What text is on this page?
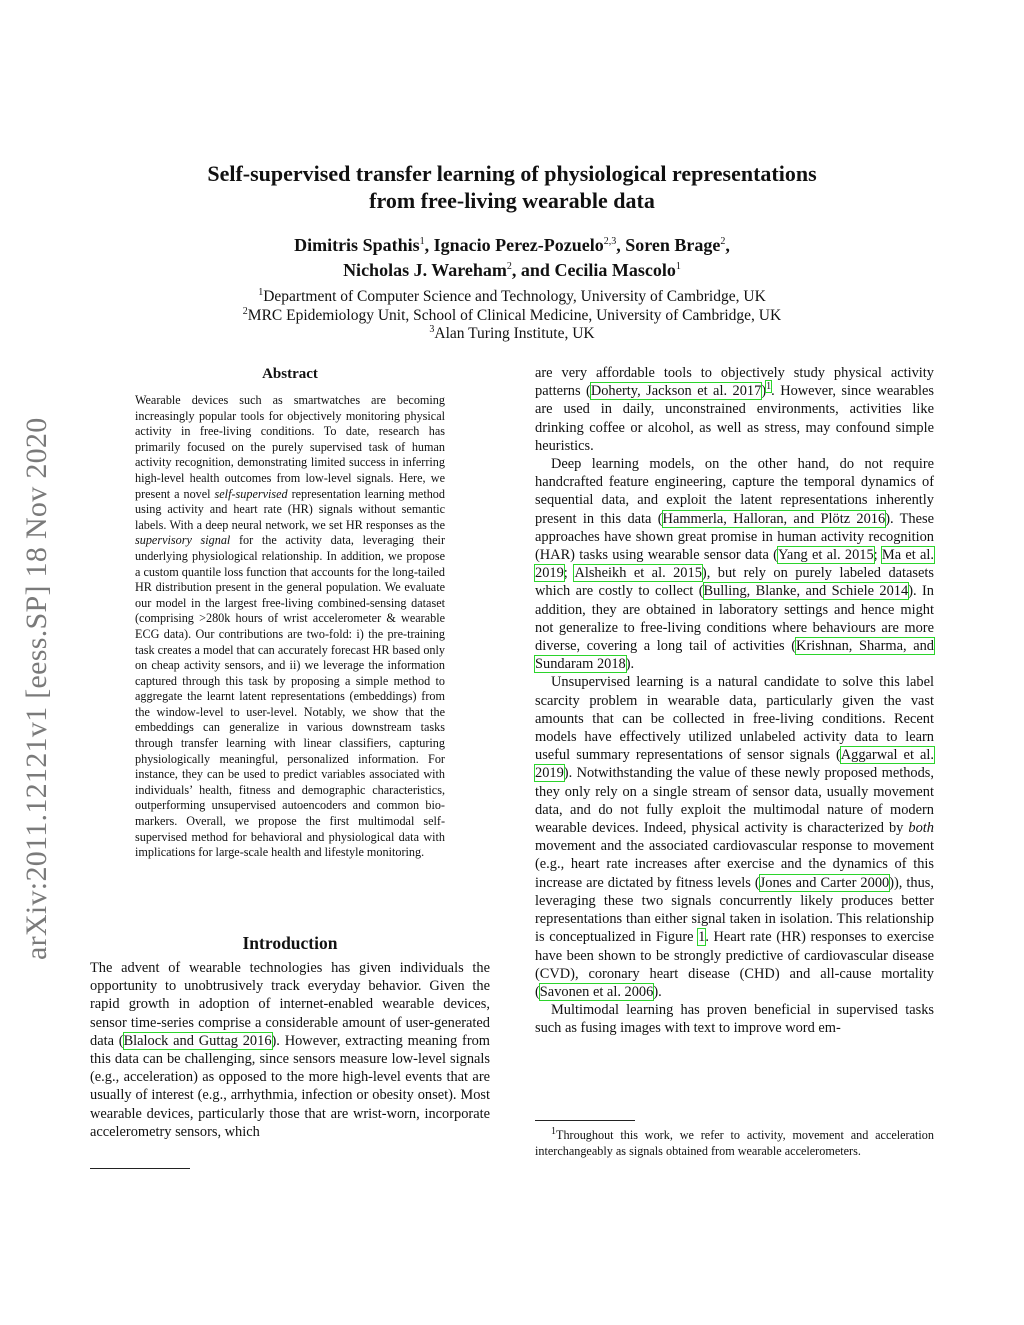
arXiv:2011.12121v1 [eess.SP] 18 Nov 2020
Self-supervised transfer learning of physiological representations
from free-living wearable data
Dimitris Spathis$^1$, Ignacio Perez-Pozuelo$^{2,3}$, Soren Brage$^2$,
Nicholas J. Wareham$^2$, and Cecilia Mascolo$^1$
$^1$Department of Computer Science and Technology, University of Cambridge, UK
$^2$MRC Epidemiology Unit, School of Clinical Medicine, University of Cambridge, UK
$^3$Alan Turing Institute, UK
Abstract
Wearable devices such as smartwatches are becoming increasingly popular tools for objectively monitoring physical activity in free-living conditions. To date, research has primarily focused on the purely supervised task of human activity recognition, demonstrating limited success in inferring high-level health outcomes from low-level signals. Here, we present a novel self-supervised representation learning method using activity and heart rate (HR) signals without semantic labels. With a deep neural network, we set HR responses as the supervisory signal for the activity data, leveraging their underlying physiological relationship. In addition, we propose a custom quantile loss function that accounts for the long-tailed HR distribution present in the general population. We evaluate our model in the largest free-living combined-sensing dataset (comprising >280k hours of wrist accelerometer & wearable ECG data). Our contributions are two-fold: i) the pre-training task creates a model that can accurately forecast HR based only on cheap activity sensors, and ii) we leverage the information captured through this task by proposing a simple method to aggregate the learnt latent representations (embeddings) from the window-level to user-level. Notably, we show that the embeddings can generalize in various downstream tasks through transfer learning with linear classifiers, capturing physiologically meaningful, personalized information. For instance, they can be used to predict variables associated with individuals’ health, fitness and demographic characteristics, outperforming unsupervised autoencoders and common bio-markers. Overall, we propose the first multimodal self-supervised method for behavioral and physiological data with implications for large-scale health and lifestyle monitoring.
Introduction
The advent of wearable technologies has given individuals the opportunity to unobtrusively track everyday behavior. Given the rapid growth in adoption of internet-enabled wearable devices, sensor time-series comprise a considerable amount of user-generated data (Blalock and Guttag 2016). However, extracting meaning from this data can be challenging, since sensors measure low-level signals (e.g., acceleration) as opposed to the more high-level events that are usually of interest (e.g., arrhythmia, infection or obesity onset). Most wearable devices, particularly those that are wrist-worn, incorporate accelerometry sensors, which

are very affordable tools to objectively study physical activity patterns (Doherty, Jackson et al. 2017)$^1$. However, since wearables are used in daily, unconstrained environments, activities like drinking coffee or alcohol, as well as stress, may confound simple heuristics.

Deep learning models, on the other hand, do not require handcrafted feature engineering, capture the temporal dynamics of sequential data, and exploit the latent representations inherently present in this data (Hammerla, Halloran, and Plötz 2016). These approaches have shown great promise in human activity recognition (HAR) tasks using wearable sensor data (Yang et al. 2015; Ma et al. 2019; Alsheikh et al. 2015), but rely on purely labeled datasets which are costly to collect (Bulling, Blanke, and Schiele 2014). In addition, they are obtained in laboratory settings and hence might not generalize to free-living conditions where behaviours are more diverse, covering a long tail of activities (Krishnan, Sharma, and Sundaram 2018).

Unsupervised learning is a natural candidate to solve this label scarcity problem in wearable data, particularly given the vast amounts that can be collected in free-living conditions. Recent models have effectively utilized unlabeled activity data to learn useful summary representations of sensor signals (Aggarwal et al. 2019). Notwithstanding the value of these newly proposed methods, they only rely on a single stream of sensor data, usually movement data, and do not fully exploit the multimodal nature of modern wearable devices. Indeed, physical activity is characterized by both movement and the associated cardiovascular response to movement (e.g., heart rate increases after exercise and the dynamics of this increase are dictated by fitness levels (Jones and Carter 2000)), thus, leveraging these two signals concurrently likely produces better representations than either signal taken in isolation. This relationship is conceptualized in Figure 1. Heart rate (HR) responses to exercise have been shown to be strongly predictive of cardiovascular disease (CVD), coronary heart disease (CHD) and all-cause mortality (Savonen et al. 2006).

Multimodal learning has proven beneficial in supervised tasks such as fusing images with text to improve word em-

$^1$Throughout this work, we refer to activity, movement and acceleration interchangeably as signals obtained from wearable accelerometers.
